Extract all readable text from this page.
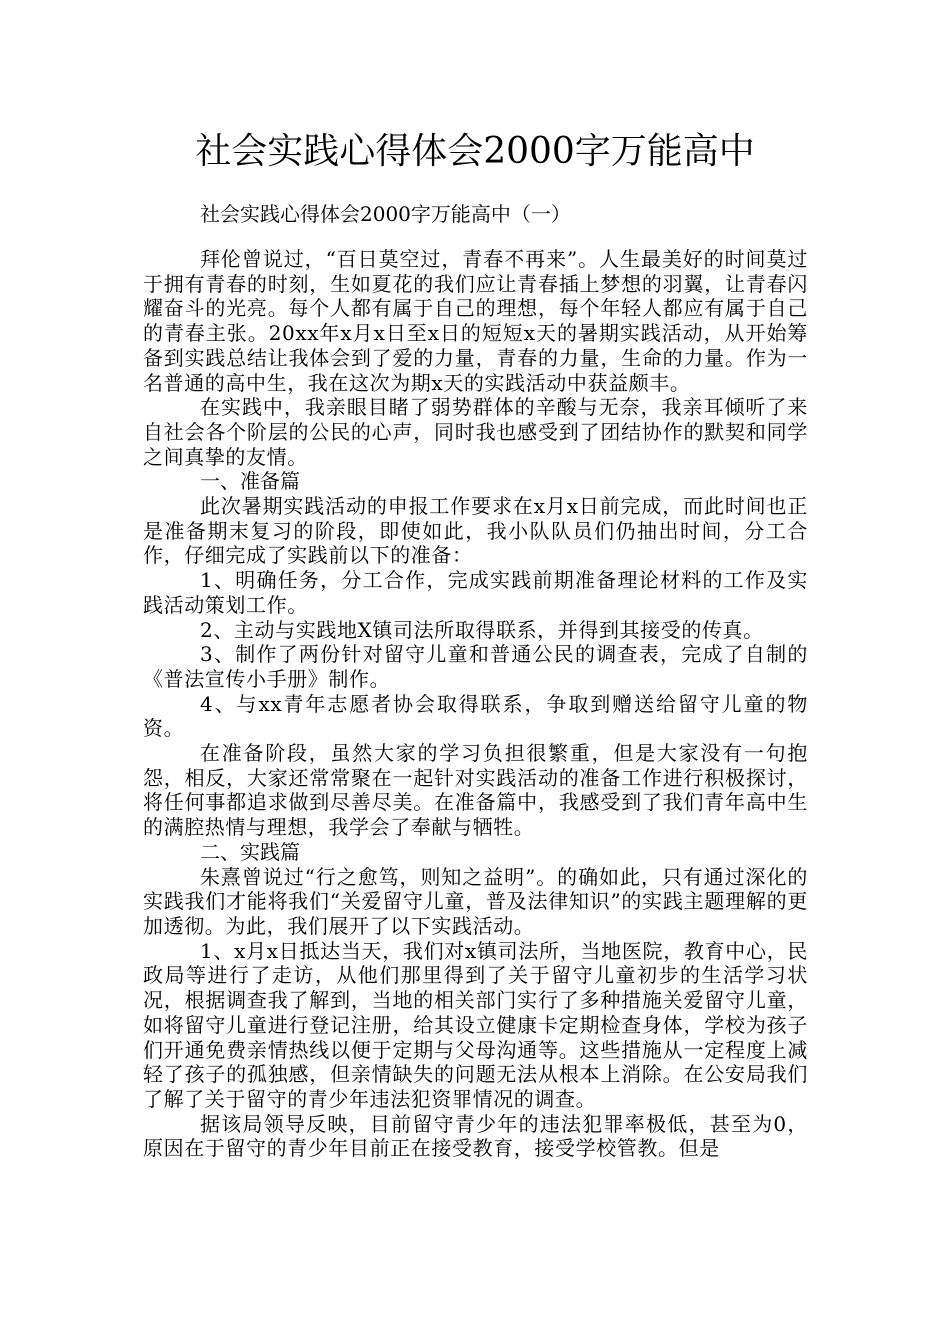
社会实践心得体会2000字万能高中

社会实践心得体会2000字万能高中（一）

拜伦曾说过，“百日莫空过，青春不再来”。人生最美好的时间莫过于拥有青春的时刻，生如夏花的我们应让青春插上梦想的羽翼，让青春闪耀奋斗的光亮。每个人都有属于自己的理想，每个年轻人都应有属于自己的青春主张。20xx年x月x日至x日的短短x天的暑期实践活动，从开始筹备到实践总结让我体会到了爱的力量，青春的力量，生命的力量。作为一名普通的高中生，我在这次为期x天的实践活动中获益颇丰。

在实践中，我亲眼目睹了弱势群体的辛酸与无奈，我亲耳倾听了来自社会各个阶层的公民的心声，同时我也感受到了团结协作的默契和同学之间真挚的友情。

一、准备篇

此次暑期实践活动的申报工作要求在x月x日前完成，而此时间也正是准备期末复习的阶段，即使如此，我小队队员们仍抽出时间，分工合作，仔细完成了实践前以下的准备：

1、明确任务，分工合作，完成实践前期准备理论材料的工作及实践活动策划工作。

2、主动与实践地X镇司法所取得联系，并得到其接受的传真。

3、制作了两份针对留守儿童和普通公民的调查表，完成了自制的《普法宣传小手册》制作。

4、与xx青年志愿者协会取得联系，争取到赠送给留守儿童的物资。

在准备阶段，虽然大家的学习负担很繁重，但是大家没有一句抱怨，相反，大家还常常聚在一起针对实践活动的准备工作进行积极探讨，将任何事都追求做到尽善尽美。在准备篇中，我感受到了我们青年高中生的满腔热情与理想，我学会了奉献与牺牲。

二、实践篇

朱熹曾说过“行之愈笃，则知之益明”。的确如此，只有通过深化的实践我们才能将我们“关爱留守儿童，普及法律知识”的实践主题理解的更加透彻。为此，我们展开了以下实践活动。

1、x月x日抵达当天，我们对x镇司法所，当地医院，教育中心，民政局等进行了走访，从他们那里得到了关于留守儿童初步的生活学习状况，根据调查我了解到，当地的相关部门实行了多种措施关爱留守儿童，如将留守儿童进行登记注册，给其设立健康卡定期检查身体，学校为孩子们开通免费亲情热线以便于定期与父母沟通等。这些措施从一定程度上减轻了孩子的孤独感，但亲情缺失的问题无法从根本上消除。在公安局我们了解了关于留守的青少年违法犯资罪情况的调查。

据该局领导反映，目前留守青少年的违法犯罪率极低，甚至为0，原因在于留守的青少年目前正在接受教育，接受学校管教。但是
